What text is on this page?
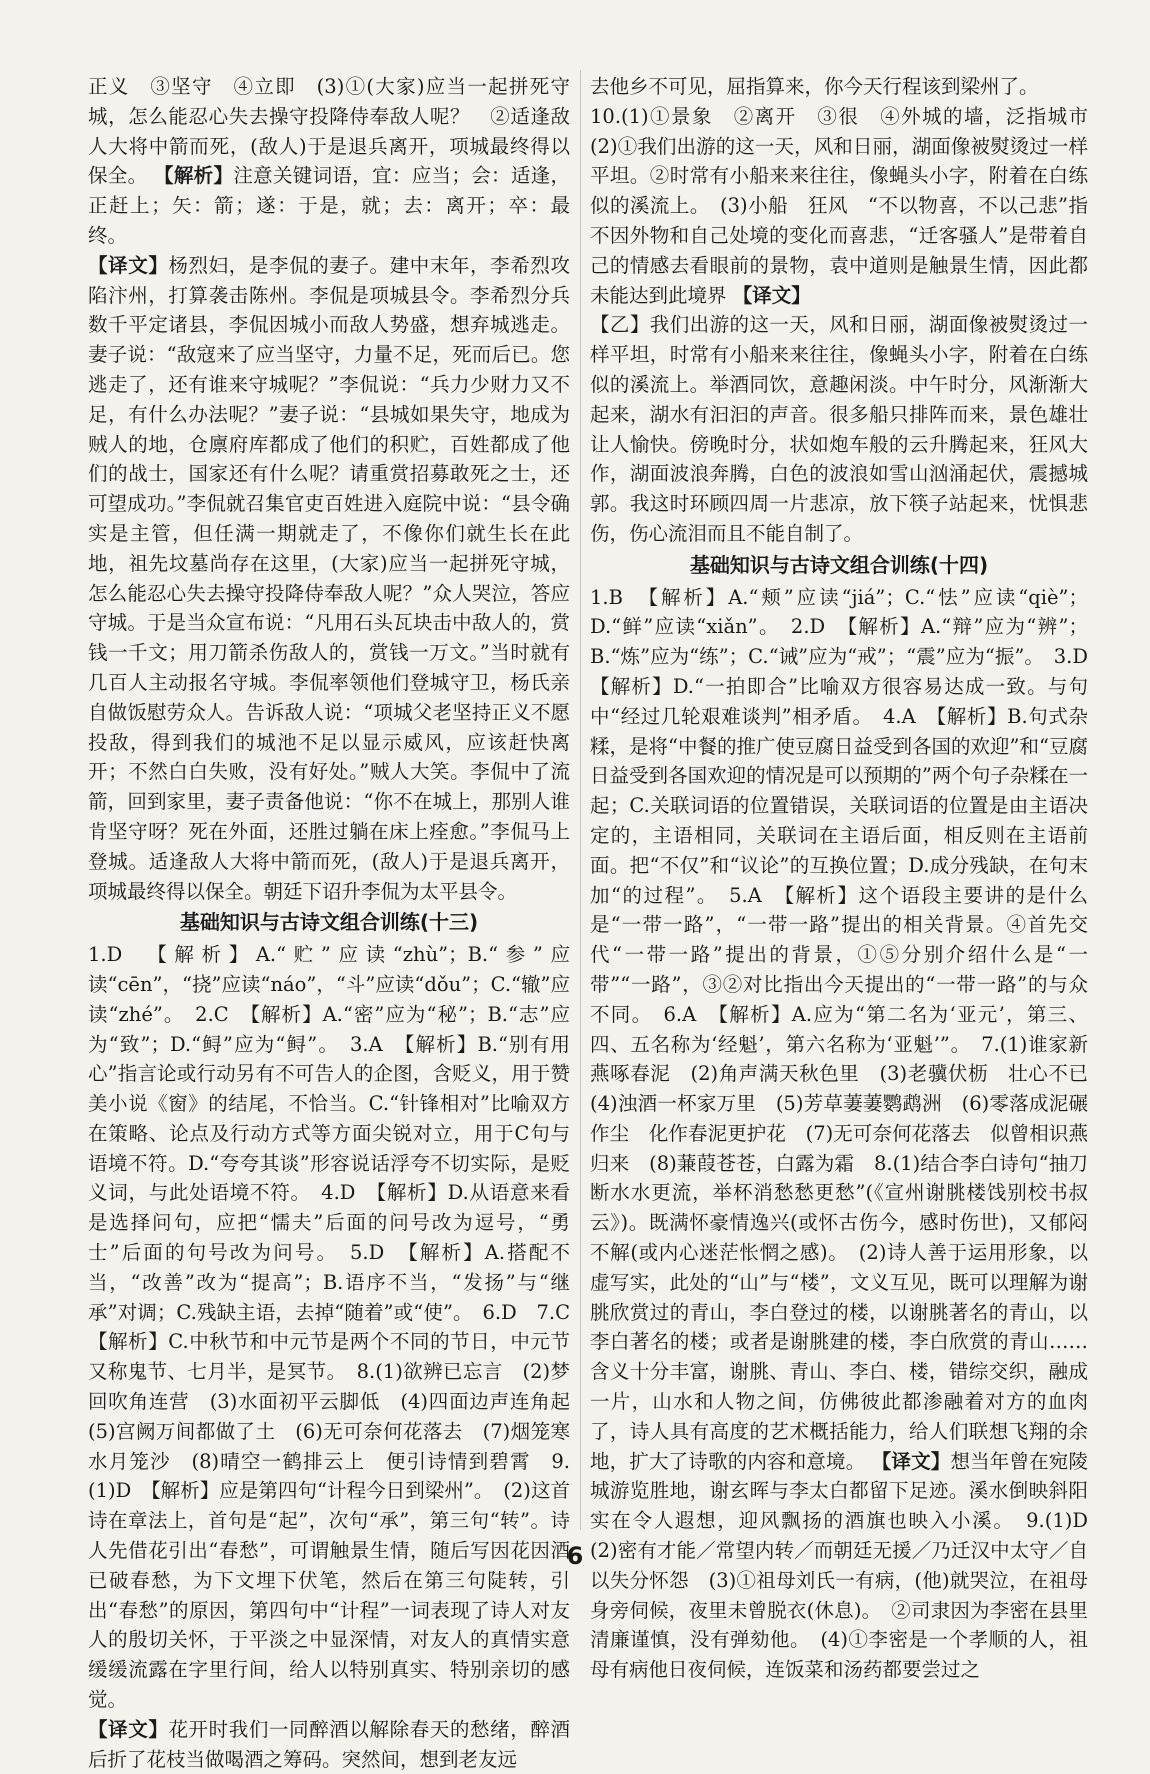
正义　③坚守　④立即　(3)①(大家)应当一起拼死守城，怎么能忍心失去操守投降侍奉敌人呢？　②适逢敌人大将中箭而死，(敌人)于是退兵离开，项城最终得以保全。 【解析】注意关键词语，宜：应当；会：适逢，正赶上；矢：箭；遂：于是，就；去：离开；卒：最终。

【译文】杨烈妇，是李侃的妻子。建中末年，李希烈攻陷汴州，打算袭击陈州。李侃是项城县令。李希烈分兵数千平定诸县，李侃因城小而敌人势盛，想弃城逃走。妻子说：“敌寇来了应当坚守，力量不足，死而后已。您逃走了，还有谁来守城呢？”李侃说：“兵力少财力又不足，有什么办法呢？”妻子说：“县城如果失守，地成为贼人的地，仓廪府库都成了他们的积贮，百姓都成了他们的战士，国家还有什么呢？请重赏招募敢死之士，还可望成功。”李侃就召集官吏百姓进入庭院中说：“县令确实是主管，但任满一期就走了，不像你们就生长在此地，祖先坟墓尚存在这里，(大家)应当一起拼死守城，怎么能忍心失去操守投降侍奉敌人呢？”众人哭泣，答应守城。于是当众宣布说：“凡用石头瓦块击中敌人的，赏钱一千文；用刀箭杀伤敌人的，赏钱一万文。”当时就有几百人主动报名守城。李侃率领他们登城守卫，杨氏亲自做饭慰劳众人。告诉敌人说：“项城父老坚持正义不愿投敌，得到我们的城池不足以显示威风，应该赶快离开；不然白白失败，没有好处。”贼人大笑。李侃中了流箭，回到家里，妻子责备他说：“你不在城上，那别人谁肯坚守呀？死在外面，还胜过躺在床上痊愈。”李侃马上登城。适逢敌人大将中箭而死，(敌人)于是退兵离开，项城最终得以保全。朝廷下诏升李侃为太平县令。

基础知识与古诗文组合训练(十三)

1.D　【解析】A.“贮”应读“zhù”；B.“参”应读“cēn”，“挠”应读“náo”，“斗”应读“dǒu”；C.“辙”应读“zhé”。　2.C　【解析】A.“密”应为“秘”；B.“志”应为“致”；D.“鲟”应为“鲟”。　3.A　【解析】B.“别有用心”指言论或行动另有不可告人的企图，含贬义，用于赞美小说《窗》的结尾，不恰当。C.“针锋相对”比喻双方在策略、论点及行动方式等方面尖锐对立，用于C句与语境不符。D.“夸夸其谈”形容说话浮夸不切实际，是贬义词，与此处语境不符。　4.D　【解析】D.从语意来看是选择问句，应把“懦夫”后面的问号改为逗号，“勇士”后面的句号改为问号。　5.D　【解析】A.搭配不当，“改善”改为“提高”；B.语序不当，“发扬”与“继承”对调；C.残缺主语，去掉“随着”或“使”。　6.D　7.C　【解析】C.中秋节和中元节是两个不同的节日，中元节又称鬼节、七月半，是冥节。　8.(1)欲辨已忘言　(2)梦回吹角连营　(3)水面初平云脚低　(4)四面边声连角起　(5)宫阙万间都做了土　(6)无可奈何花落去　(7)烟笼寒水月笼沙　(8)晴空一鹤排云上　便引诗情到碧霄　9.(1)D　【解析】应是第四句“计程今日到梁州”。　(2)这首诗在章法上，首句是“起”，次句“承”，第三句“转”。诗人先借花引出“春愁”，可谓触景生情，随后写因花因酒已破春愁，为下文埋下伏笔，然后在第三句陡转，引出“春愁”的原因，第四句中“计程”一词表现了诗人对友人的殷切关怀，于平淡之中显深情，对友人的真情实意缓缓流露在字里行间，给人以特别真实、特别亲切的感觉。

【译文】花开时我们一同醉酒以解除春天的愁绪，醉酒后折了花枝当做喝酒之筹码。突然间，想到老友远

去他乡不可见，屈指算来，你今天行程该到梁州了。

10.(1)①景象　②离开　③很　④外城的墙，泛指城市　(2)①我们出游的这一天，风和日丽，湖面像被熨烫过一样平坦。②时常有小船来来往往，像蝇头小字，附着在白练似的溪流上。　(3)小船　狂风　“不以物喜，不以己悲”指不因外物和自己处境的变化而喜悲，“迁客骚人”是带着自己的情感去看眼前的景物，袁中道则是触景生情，因此都未能达到此境界 【译文】

【乙】我们出游的这一天，风和日丽，湖面像被熨烫过一样平坦，时常有小船来来往往，像蝇头小字，附着在白练似的溪流上。举酒同饮，意趣闲淡。中午时分，风渐渐大起来，湖水有汩汩的声音。很多船只排阵而来，景色雄壮让人愉快。傍晚时分，状如炮车般的云升腾起来，狂风大作，湖面波浪奔腾，白色的波浪如雪山汹涌起伏，震撼城郭。我这时环顾四周一片悲凉，放下筷子站起来，忧惧悲伤，伤心流泪而且不能自制了。

基础知识与古诗文组合训练(十四)

1.B　【解析】A.“颊”应读“jiá”；C.“怯”应读“qiè”；D.“鲜”应读“xiǎn”。　2.D　【解析】A.“辩”应为“辨”；B.“炼”应为“练”；C.“诫”应为“戒”；“震”应为“振”。　3.D　【解析】D.“一拍即合”比喻双方很容易达成一致。与句中“经过几轮艰难谈判”相矛盾。　4.A　【解析】B.句式杂糅，是将“中餐的推广使豆腐日益受到各国的欢迎”和“豆腐日益受到各国欢迎的情况是可以预期的”两个句子杂糅在一起；C.关联词语的位置错误，关联词语的位置是由主语决定的，主语相同，关联词在主语后面，相反则在主语前面。把“不仅”和“议论”的互换位置；D.成分残缺，在句末加“的过程”。　5.A　【解析】这个语段主要讲的是什么是“一带一路”，“一带一路”提出的相关背景。④首先交代“一带一路”提出的背景，①⑤分别介绍什么是“一带”“一路”，③②对比指出今天提出的“一带一路”的与众不同。　6.A　【解析】A.应为“第二名为‘亚元’，第三、四、五名称为‘经魁’，第六名称为‘亚魁’”。　7.(1)谁家新燕啄春泥　(2)角声满天秋色里　(3)老骥伏枥　壮心不已　(4)浊酒一杯家万里　(5)芳草萋萋鹦鹉洲　(6)零落成泥碾作尘　化作春泥更护花　(7)无可奈何花落去　似曾相识燕归来　(8)蒹葭苍苍，白露为霜　8.(1)结合李白诗句“抽刀断水水更流，举杯消愁愁更愁”(《宣州谢朓楼饯别校书叔云》)。既满怀豪情逸兴(或怀古伤今，感时伤世)，又郁闷不解(或内心迷茫怅惘之感)。　(2)诗人善于运用形象，以虚写实，此处的“山”与“楼”，文义互见，既可以理解为谢朓欣赏过的青山，李白登过的楼，以谢朓著名的青山，以李白著名的楼；或者是谢朓建的楼，李白欣赏的青山……含义十分丰富，谢朓、青山、李白、楼，错综交织，融成一片，山水和人物之间，仿佛彼此都渗融着对方的血肉了，诗人具有高度的艺术概括能力，给人们联想飞翔的余地，扩大了诗歌的内容和意境。 【译文】想当年曾在宛陵城游览胜地，谢玄晖与李太白都留下足迹。溪水倒映斜阳实在令人遐想，迎风飘扬的酒旗也映入小溪。　9.(1)D　(2)密有才能／常望内转／而朝廷无援／乃迁汉中太守／自以失分怀怨　(3)①祖母刘氏一有病，(他)就哭泣，在祖母身旁伺候，夜里未曾脱衣(休息)。　②司隶因为李密在县里清廉谨慎，没有弹劾他。　(4)①李密是一个孝顺的人，祖母有病他日夜伺候，连饭菜和汤药都要尝过之

6
